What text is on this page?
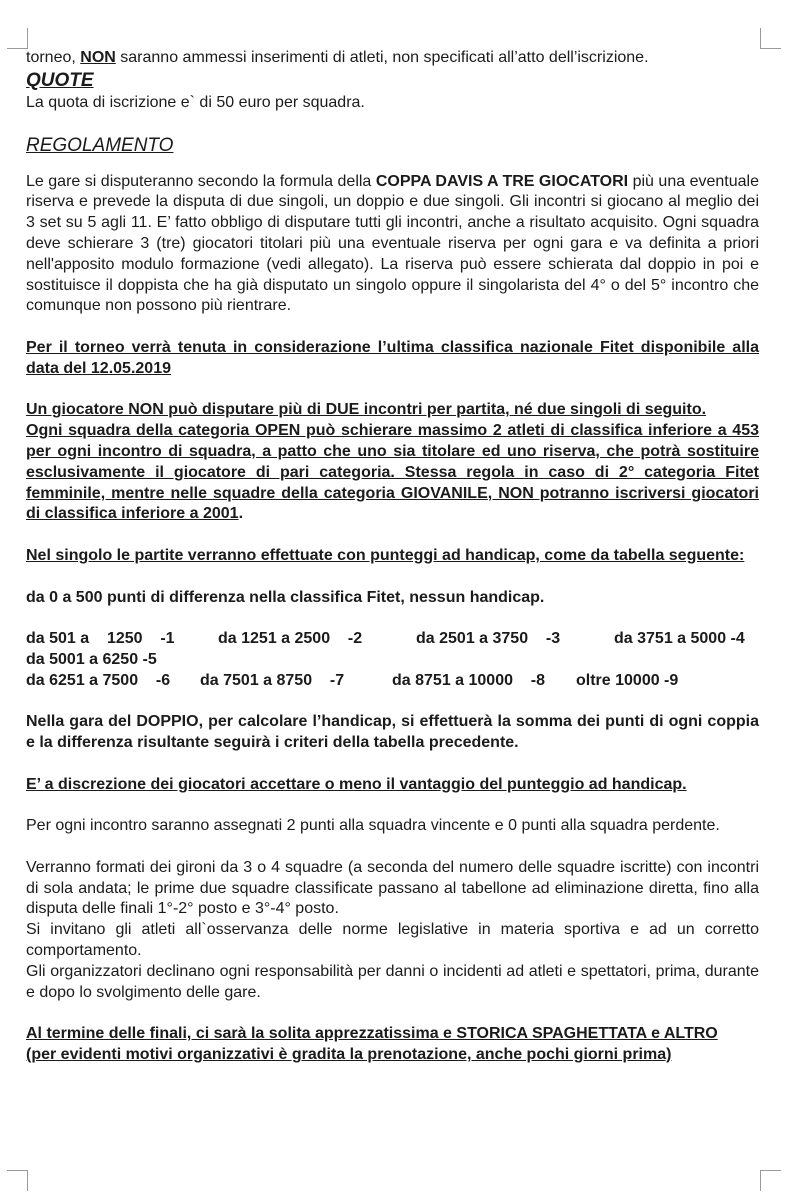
torneo, NON saranno ammessi inserimenti di atleti, non specificati all’atto dell’iscrizione.

QUOTE

La quota di iscrizione e` di 50 euro per squadra.

REGOLAMENTO

Le gare si disputeranno secondo la formula della COPPA DAVIS A TRE GIOCATORI più una eventuale riserva e prevede la disputa di due singoli, un doppio e due singoli. Gli incontri si giocano al meglio dei 3 set su 5 agli 11. E’ fatto obbligo di disputare tutti gli incontri, anche a risultato acquisito. Ogni squadra deve schierare 3 (tre) giocatori titolari più una eventuale riserva per ogni gara e va definita a priori nell'apposito modulo formazione (vedi allegato). La riserva può essere schierata dal doppio in poi e sostituisce il doppista che ha già disputato un singolo oppure il singolarista del 4° o del 5° incontro che comunque non possono più rientrare.

Per il torneo verrà tenuta in considerazione l’ultima classifica nazionale Fitet disponibile alla data del 12.05.2019

Un giocatore NON può disputare più di DUE incontri per partita, né due singoli di seguito.

Ogni squadra della categoria OPEN può schierare massimo 2 atleti di classifica inferiore a 453 per ogni incontro di squadra, a patto che uno sia titolare ed uno riserva, che potrà sostituire esclusivamente il giocatore di pari categoria. Stessa regola in caso di 2° categoria Fitet femminile, mentre nelle squadre della categoria GIOVANILE, NON potranno iscriversi giocatori di classifica inferiore a 2001.

Nel singolo le partite verranno effettuate con punteggi ad handicap, come da tabella seguente:

da 0 a 500 punti di differenza nella classifica Fitet, nessun handicap.

da 501 a    1250    -1	da 1251 a 2500    -2	da 2501 a 3750    -3	da 3751 a 5000 -4
da 5001 a 6250 -5
da 6251 a 7500    -6	da 7501 a 8750    -7	da 8751 a 10000    -8	oltre 10000 -9

Nella gara del DOPPIO, per calcolare l’handicap, si effettuerà la somma dei punti di ogni coppia e la differenza risultante seguirà i criteri della tabella precedente.

E’ a discrezione dei giocatori accettare o meno il vantaggio del punteggio ad handicap.

Per ogni incontro saranno assegnati 2 punti alla squadra vincente e 0 punti alla squadra perdente.

Verranno formati dei gironi da 3 o 4 squadre (a seconda del numero delle squadre iscritte) con incontri di sola andata; le prime due squadre classificate passano al tabellone ad eliminazione diretta, fino alla disputa delle finali 1°-2° posto e 3°-4° posto.

Si invitano gli atleti all`osservanza delle norme legislative in materia sportiva e ad un corretto comportamento.

Gli organizzatori declinano ogni responsabilità per danni o incidenti ad atleti e spettatori, prima, durante e dopo lo svolgimento delle gare.

Al termine delle finali, ci sarà la solita apprezzatissima e STORICA SPAGHETTATA e ALTRO

(per evidenti motivi organizzativi è gradita la prenotazione, anche pochi giorni prima)
